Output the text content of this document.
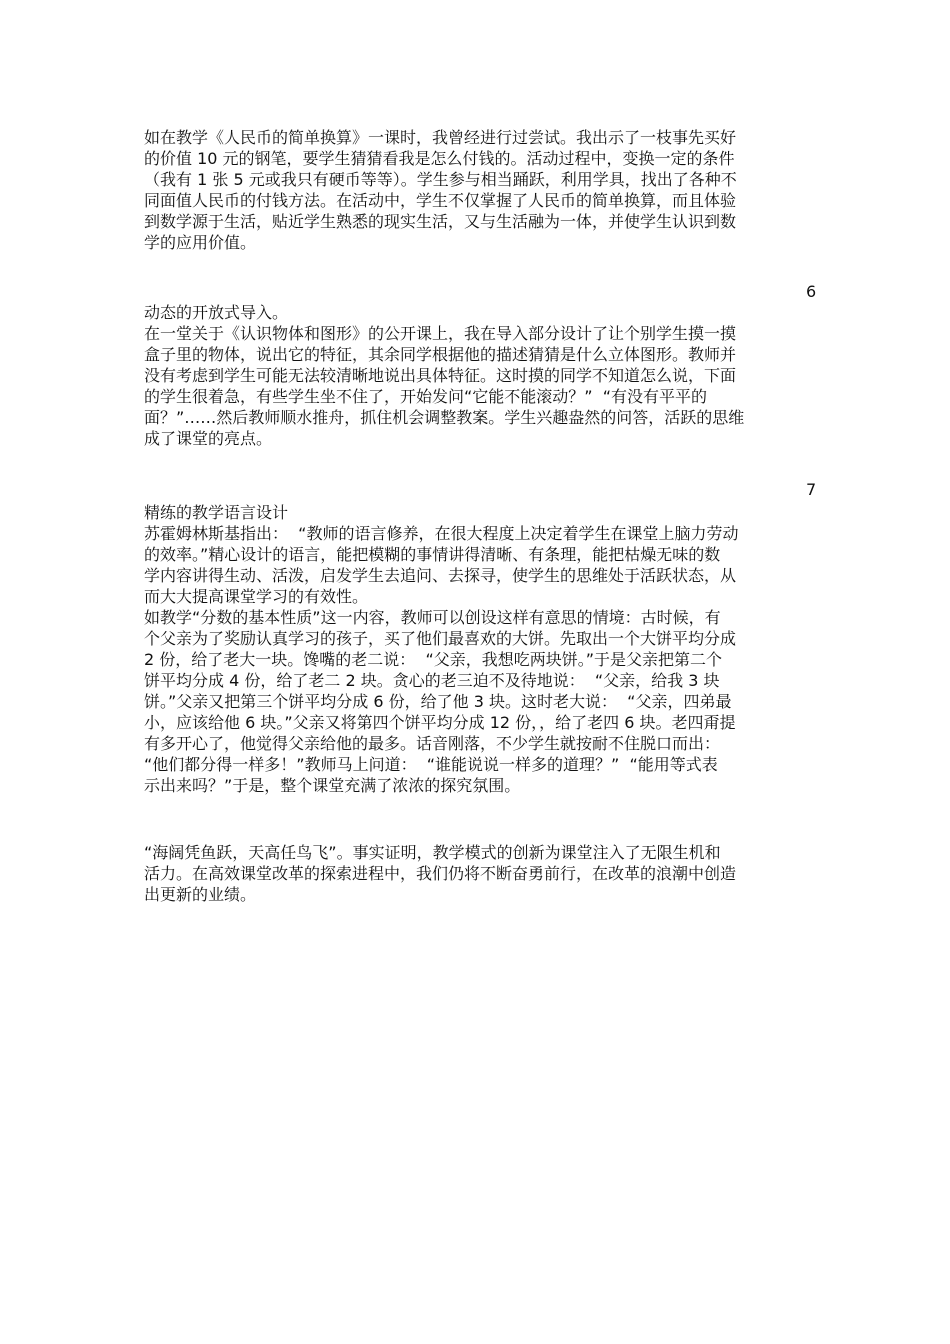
如在教学《人民币的简单换算》一课时，我曾经进行过尝试。我出示了一枝事先买好
的价值 10 元的钢笔，要学生猜猜看我是怎么付钱的。活动过程中，变换一定的条件
（我有 1 张 5 元或我只有硬币等等）。学生参与相当踊跃，利用学具，找出了各种不
同面值人民币的付钱方法。在活动中，学生不仅掌握了人民币的简单换算，而且体验
到数学源于生活，贴近学生熟悉的现实生活，又与生活融为一体，并使学生认识到数
学的应用价值。
6
动态的开放式导入。
在一堂关于《认识物体和图形》的公开课上，我在导入部分设计了让个别学生摸一摸
盒子里的物体，说出它的特征，其余同学根据他的描述猜猜是什么立体图形。教师并
没有考虑到学生可能无法较清晰地说出具体特征。这时摸的同学不知道怎么说，下面
的学生很着急，有些学生坐不住了，开始发问“它能不能滚动？”  “有没有平平的
面？”……然后教师顺水推舟，抓住机会调整教案。学生兴趣盎然的问答，活跃的思维
成了课堂的亮点。
7
精练的教学语言设计
苏霍姆林斯基指出：  “教师的语言修养，在很大程度上决定着学生在课堂上脑力劳动
的效率。”精心设计的语言，能把模糊的事情讲得清晰、有条理，能把枯燥无味的数
学内容讲得生动、活泼，启发学生去追问、去探寻，使学生的思维处于活跃状态，从
而大大提高课堂学习的有效性。
如教学“分数的基本性质”这一内容，教师可以创设这样有意思的情境：古时候，有
个父亲为了奖励认真学习的孩子，买了他们最喜欢的大饼。先取出一个大饼平均分成
2 份，给了老大一块。馋嘴的老二说：  “父亲，我想吃两块饼。”于是父亲把第二个
饼平均分成 4 份，给了老二 2 块。贪心的老三迫不及待地说：  “父亲，给我 3 块
饼。”父亲又把第三个饼平均分成 6 份，给了他 3 块。这时老大说：  “父亲，四弟最
小，应该给他 6 块。”父亲又将第四个饼平均分成 12 份，，给了老四 6 块。老四甭提
有多开心了，他觉得父亲给他的最多。话音刚落，不少学生就按耐不住脱口而出：
“他们都分得一样多！”教师马上问道：  “谁能说说一样多的道理？”  “能用等式表
示出来吗？”于是，整个课堂充满了浓浓的探究氛围。
“海阔凭鱼跃，天高任鸟飞”。事实证明，教学模式的创新为课堂注入了无限生机和
活力。在高效课堂改革的探索进程中，我们仍将不断奋勇前行，在改革的浪潮中创造
出更新的业绩。
